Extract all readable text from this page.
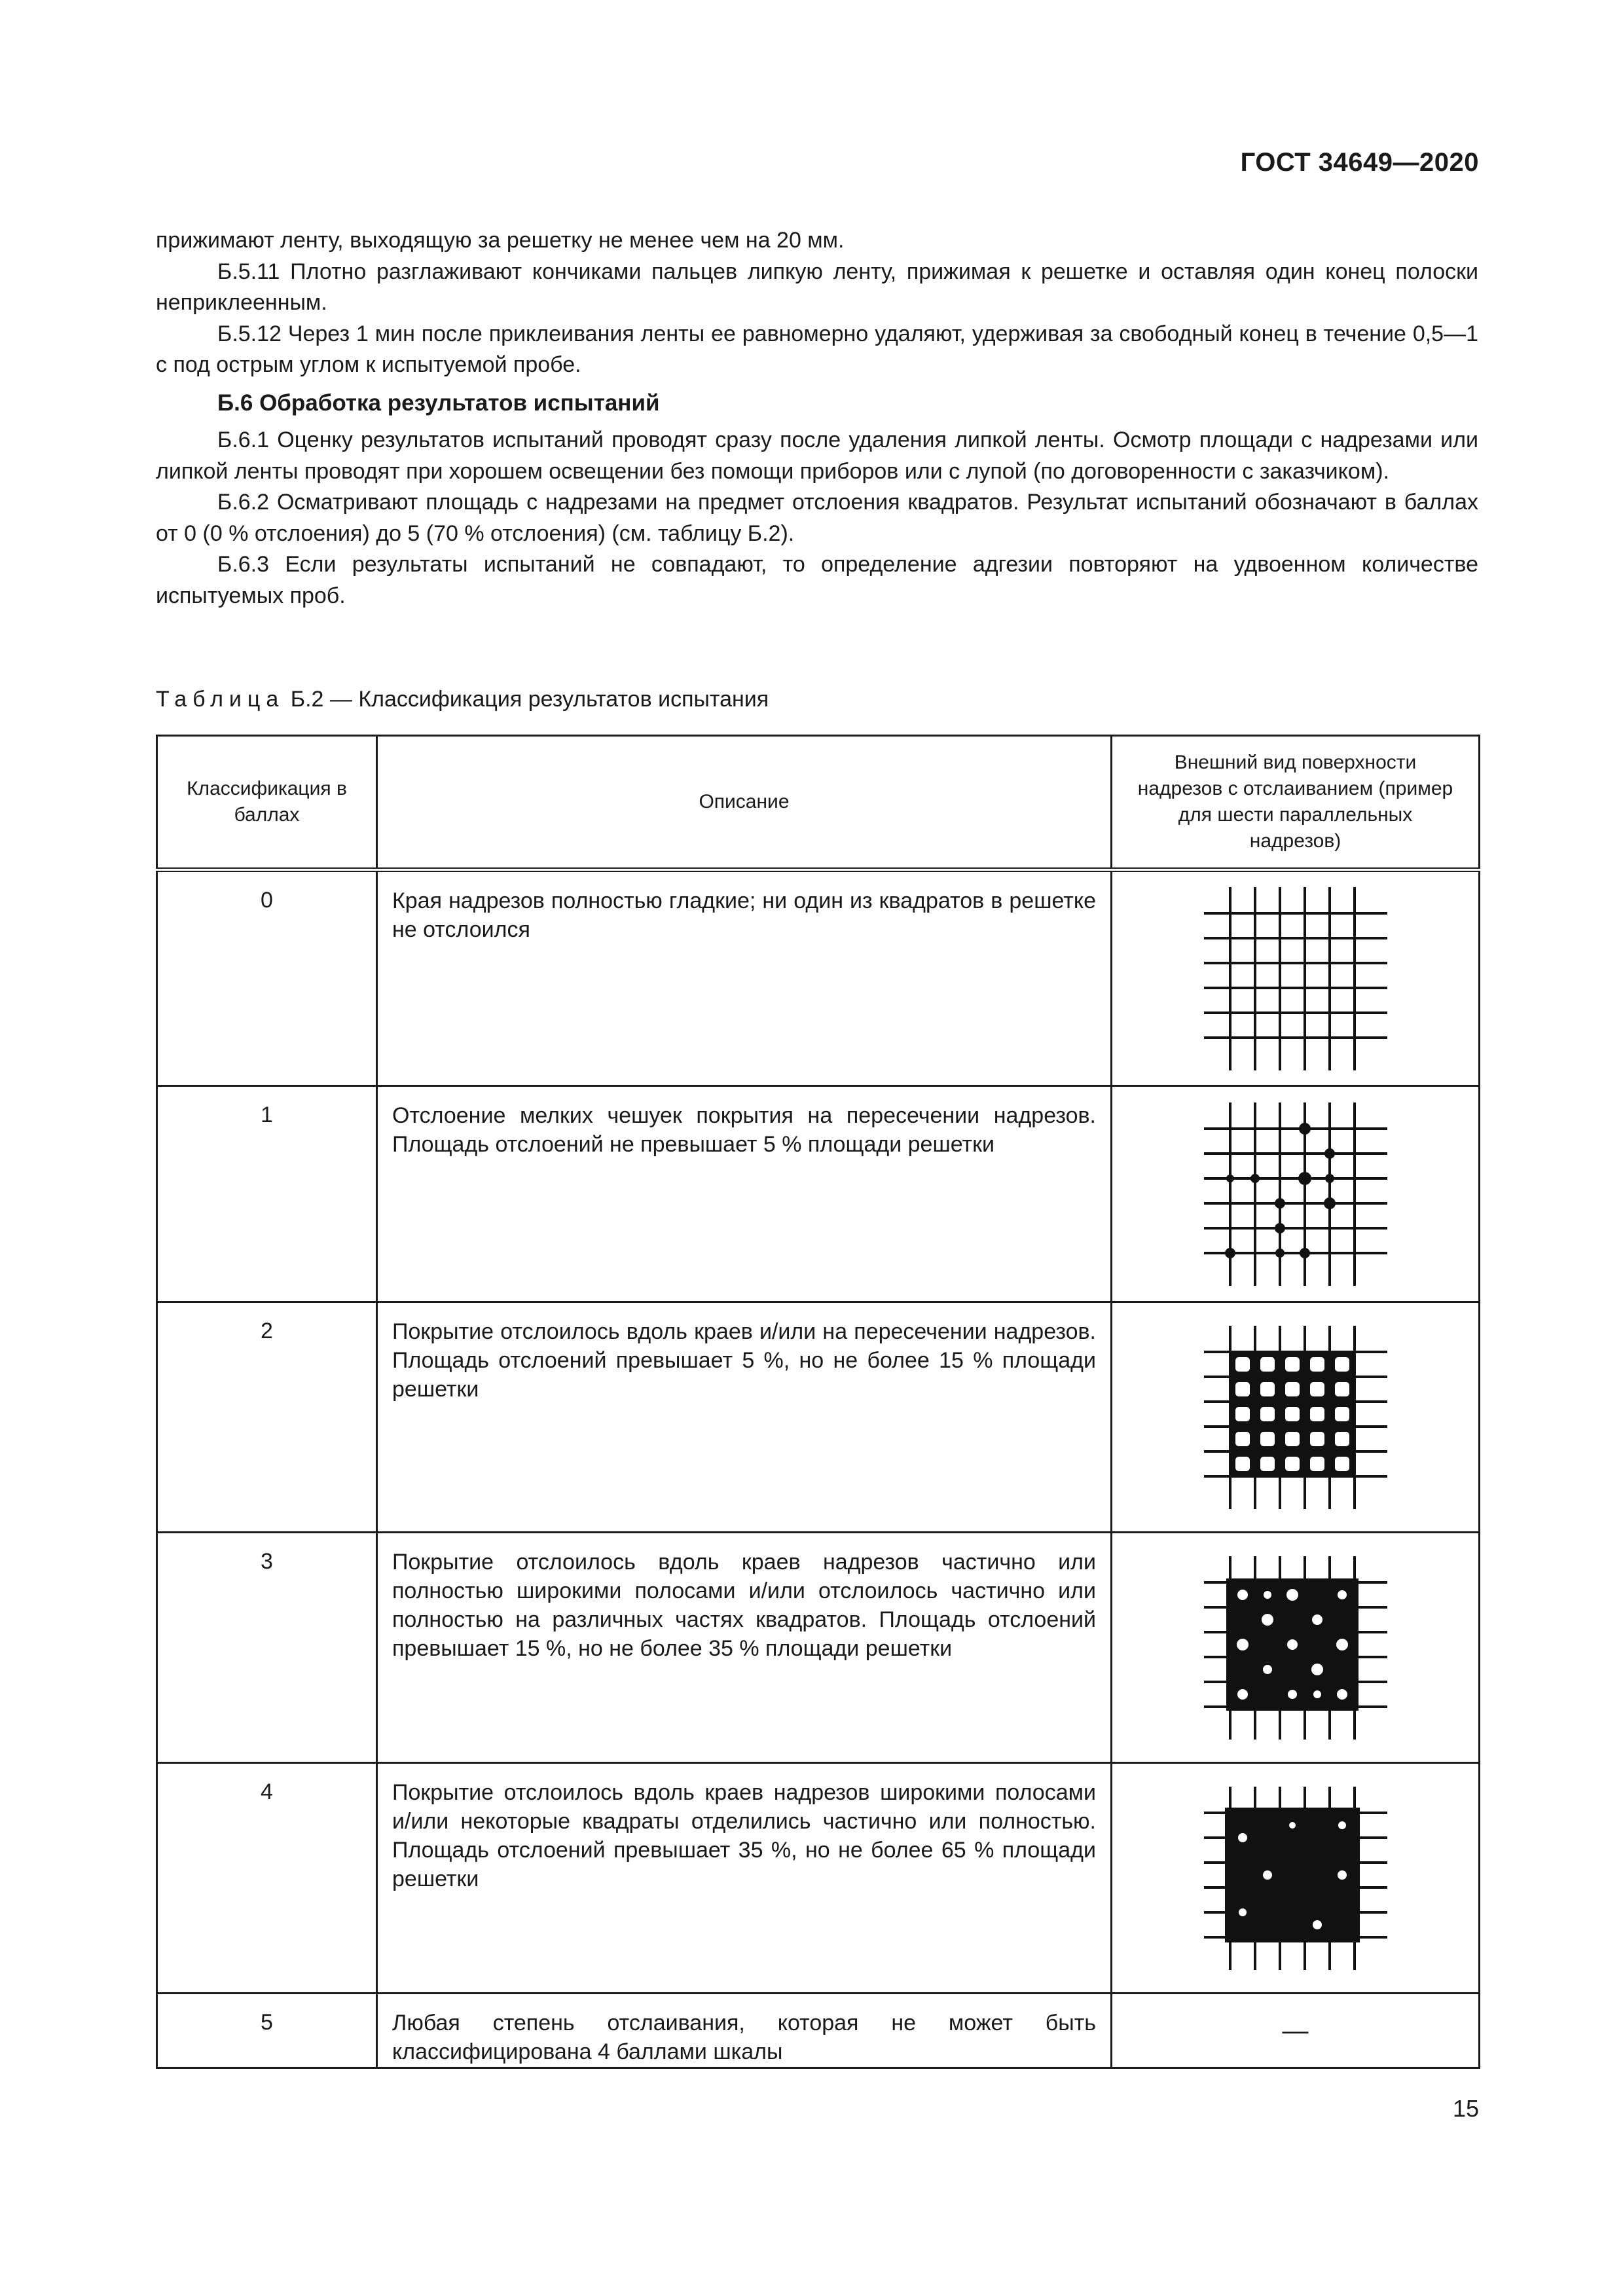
ГОСТ 34649—2020

прижимают ленту, выходящую за решетку не менее чем на 20 мм.

Б.5.11 Плотно разглаживают кончиками пальцев липкую ленту, прижимая к решетке и оставляя один конец полоски неприклеенным.

Б.5.12 Через 1 мин после приклеивания ленты ее равномерно удаляют, удерживая за свободный конец в течение 0,5—1 с под острым углом к испытуемой пробе.

Б.6 Обработка результатов испытаний

Б.6.1 Оценку результатов испытаний проводят сразу после удаления липкой ленты. Осмотр площади с надрезами или липкой ленты проводят при хорошем освещении без помощи приборов или с лупой (по договоренности с заказчиком).

Б.6.2 Осматривают площадь с надрезами на предмет отслоения квадратов. Результат испытаний обозначают в баллах от 0 (0 % отслоения) до 5 (70 % отслоения) (см. таблицу Б.2).

Б.6.3 Если результаты испытаний не совпадают, то определение адгезии повторяют на удвоенном количестве испытуемых проб.

Таблица Б.2 — Классификация результатов испытания
Классификация в баллах	Описание	Внешний вид поверхности надрезов с отслаиванием (пример для шести параллельных надрезов)

0	Края надрезов полностью гладкие; ни один из квадратов в решетке не отслоился	

1	Отслоение мелких чешуек покрытия на пересечении надрезов. Площадь отслоений не превышает 5 % площади решетки	

2	Покрытие отслоилось вдоль краев и/или на пересечении надрезов. Площадь отслоений превышает 5 %, но не более 15 % площади решетки	

3	Покрытие отслоилось вдоль краев надрезов частично или полностью широкими полосами и/или отслоилось частично или полностью на различных частях квадратов. Площадь отслоений превышает 15 %, но не более 35 % площади решетки	

4	Покрытие отслоилось вдоль краев надрезов широкими полосами и/или некоторые квадраты отделились частично или полностью. Площадь отслоений превышает 35 %, но не более 65 % площади решетки	

5	Любая степень отслаивания, которая не может быть классифицирована 4 баллами шкалы	—
15
